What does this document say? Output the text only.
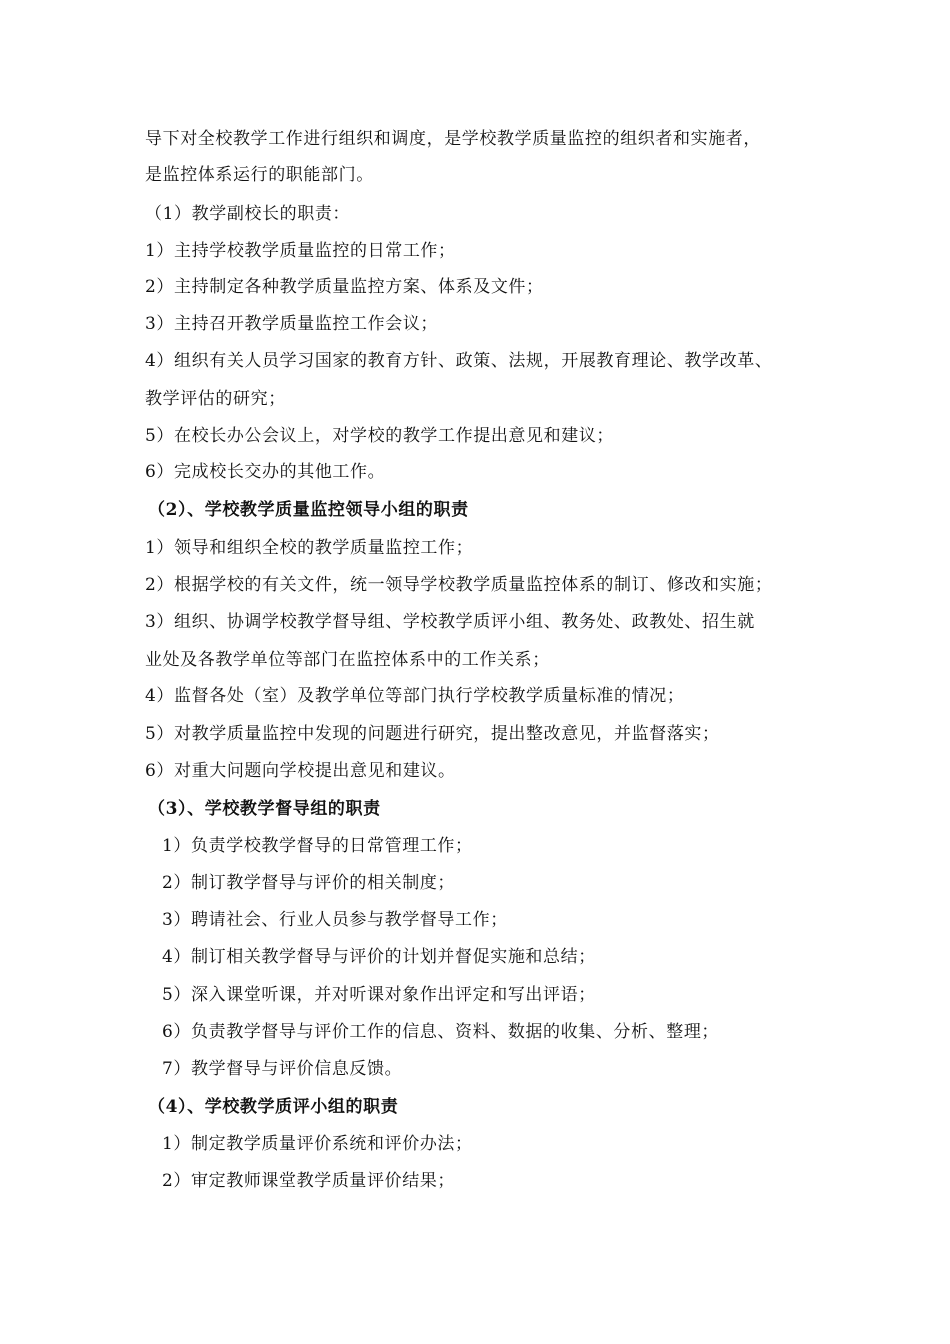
导下对全校教学工作进行组织和调度，是学校教学质量监控的组织者和实施者，
是监控体系运行的职能部门。
（1）教学副校长的职责：
1）主持学校教学质量监控的日常工作；
2）主持制定各种教学质量监控方案、体系及文件；
3）主持召开教学质量监控工作会议；
4）组织有关人员学习国家的教育方针、政策、法规，开展教育理论、教学改革、
教学评估的研究；
5）在校长办公会议上，对学校的教学工作提出意见和建议；
6）完成校长交办的其他工作。
（2）、学校教学质量监控领导小组的职责
1）领导和组织全校的教学质量监控工作；
2）根据学校的有关文件，统一领导学校教学质量监控体系的制订、修改和实施；
3）组织、协调学校教学督导组、学校教学质评小组、教务处、政教处、招生就
业处及各教学单位等部门在监控体系中的工作关系；
4）监督各处（室）及教学单位等部门执行学校教学质量标准的情况；
5）对教学质量监控中发现的问题进行研究，提出整改意见，并监督落实；
6）对重大问题向学校提出意见和建议。
（3）、学校教学督导组的职责
1）负责学校教学督导的日常管理工作；
2）制订教学督导与评价的相关制度；
3）聘请社会、行业人员参与教学督导工作；
4）制订相关教学督导与评价的计划并督促实施和总结；
5）深入课堂听课，并对听课对象作出评定和写出评语；
6）负责教学督导与评价工作的信息、资料、数据的收集、分析、整理；
7）教学督导与评价信息反馈。
（4）、学校教学质评小组的职责
1）制定教学质量评价系统和评价办法；
2）审定教师课堂教学质量评价结果；
